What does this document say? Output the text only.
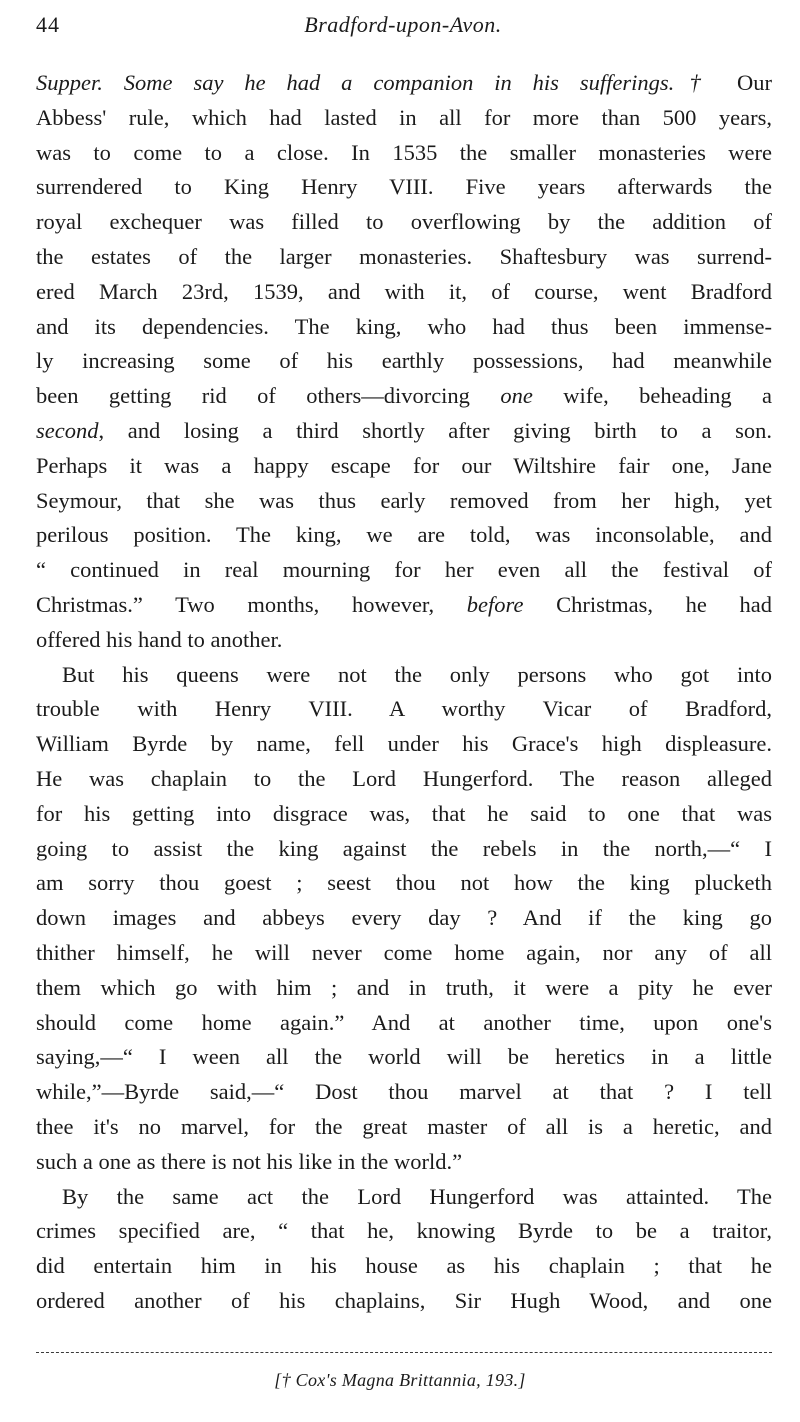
44	Bradford-upon-Avon.
Supper. Some say he had a companion in his sufferings.† Our
Abbess' rule, which had lasted in all for more than 500 years,
was to come to a close. In 1535 the smaller monasteries were
surrendered to King Henry VIII. Five years afterwards the
royal exchequer was filled to overflowing by the addition of
the estates of the larger monasteries. Shaftesbury was surrend-
ered March 23rd, 1539, and with it, of course, went Bradford
and its dependencies. The king, who had thus been immense-
ly increasing some of his earthly possessions, had meanwhile
been getting rid of others—divorcing one wife, beheading a
second, and losing a third shortly after giving birth to a son.
Perhaps it was a happy escape for our Wiltshire fair one, Jane
Seymour, that she was thus early removed from her high, yet
perilous position. The king, we are told, was inconsolable, and
“ continued in real mourning for her even all the festival of
Christmas.” Two months, however, before Christmas, he had
offered his hand to another.
But his queens were not the only persons who got into
trouble with Henry VIII. A worthy Vicar of Bradford,
William Byrde by name, fell under his Grace's high displeasure.
He was chaplain to the Lord Hungerford. The reason alleged
for his getting into disgrace was, that he said to one that was
going to assist the king against the rebels in the north,—“ I
am sorry thou goest ; seest thou not how the king plucketh
down images and abbeys every day ? And if the king go
thither himself, he will never come home again, nor any of all
them which go with him ; and in truth, it were a pity he ever
should come home again.” And at another time, upon one's
saying,—“ I ween all the world will be heretics in a little
while,”—Byrde said,—“ Dost thou marvel at that ? I tell
thee it's no marvel, for the great master of all is a heretic, and
such a one as there is not his like in the world.”
By the same act the Lord Hungerford was attainted. The
crimes specified are, “ that he, knowing Byrde to be a traitor,
did entertain him in his house as his chaplain ; that he
ordered another of his chaplains, Sir Hugh Wood, and one
[† Cox's Magna Brittannia, 193.]
